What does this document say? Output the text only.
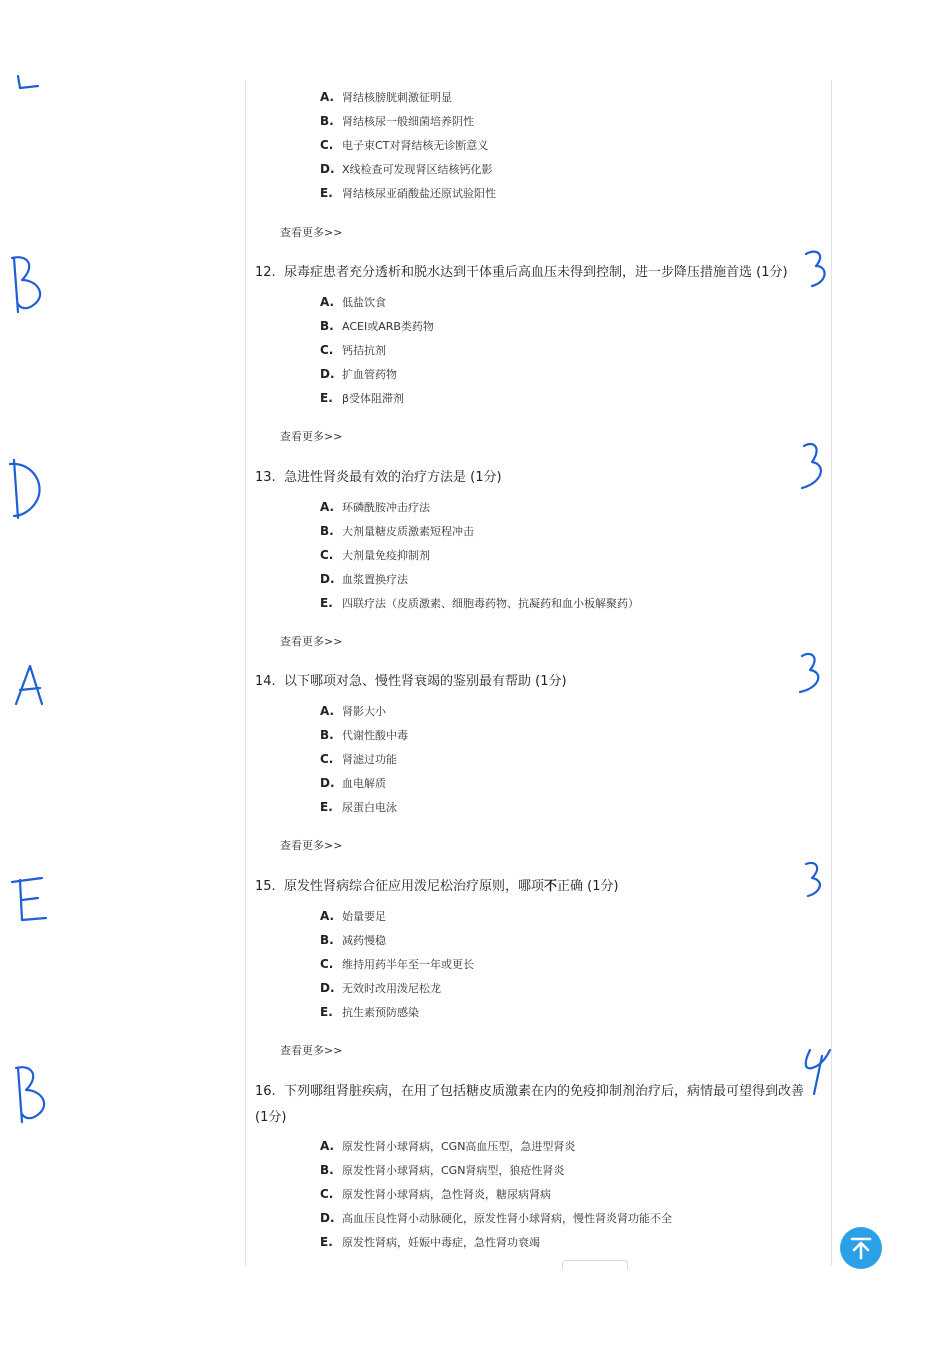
A. 肾结核膀胱刺激征明显
B. 肾结核尿一般细菌培养阴性
C. 电子束CT对肾结核无诊断意义
D. X线检查可发现肾区结核钙化影
E. 肾结核尿亚硝酸盐还原试验阳性
查看更多>>
12. 尿毒症患者充分透析和脱水达到干体重后高血压未得到控制，进一步降压措施首选 (1分)
A. 低盐饮食
B. ACEI或ARB类药物
C. 钙拮抗剂
D. 扩血管药物
E. β受体阻滞剂
查看更多>>
13. 急进性肾炎最有效的治疗方法是 (1分)
A. 环磷酰胺冲击疗法
B. 大剂量糖皮质激素短程冲击
C. 大剂量免疫抑制剂
D. 血浆置换疗法
E. 四联疗法（皮质激素、细胞毒药物、抗凝药和血小板解聚药）
查看更多>>
14. 以下哪项对急、慢性肾衰竭的鉴别最有帮助 (1分)
A. 肾影大小
B. 代谢性酸中毒
C. 肾滤过功能
D. 血电解质
E. 尿蛋白电泳
查看更多>>
15. 原发性肾病综合征应用泼尼松治疗原则，哪项不正确 (1分)
A. 始量要足
B. 减药慢稳
C. 维持用药半年至一年或更长
D. 无效时改用泼尼松龙
E. 抗生素预防感染
查看更多>>
16. 下列哪组肾脏疾病，在用了包括糖皮质激素在内的免疫抑制剂治疗后，病情最可望得到改善 (1分)
A. 原发性肾小球肾病，CGN高血压型，急进型肾炎
B. 原发性肾小球肾病，CGN肾病型，狼疮性肾炎
C. 原发性肾小球肾病，急性肾炎，糖尿病肾病
D. 高血压良性肾小动脉硬化，原发性肾小球肾病，慢性肾炎肾功能不全
E. 原发性肾病，妊娠中毒症，急性肾功衰竭
